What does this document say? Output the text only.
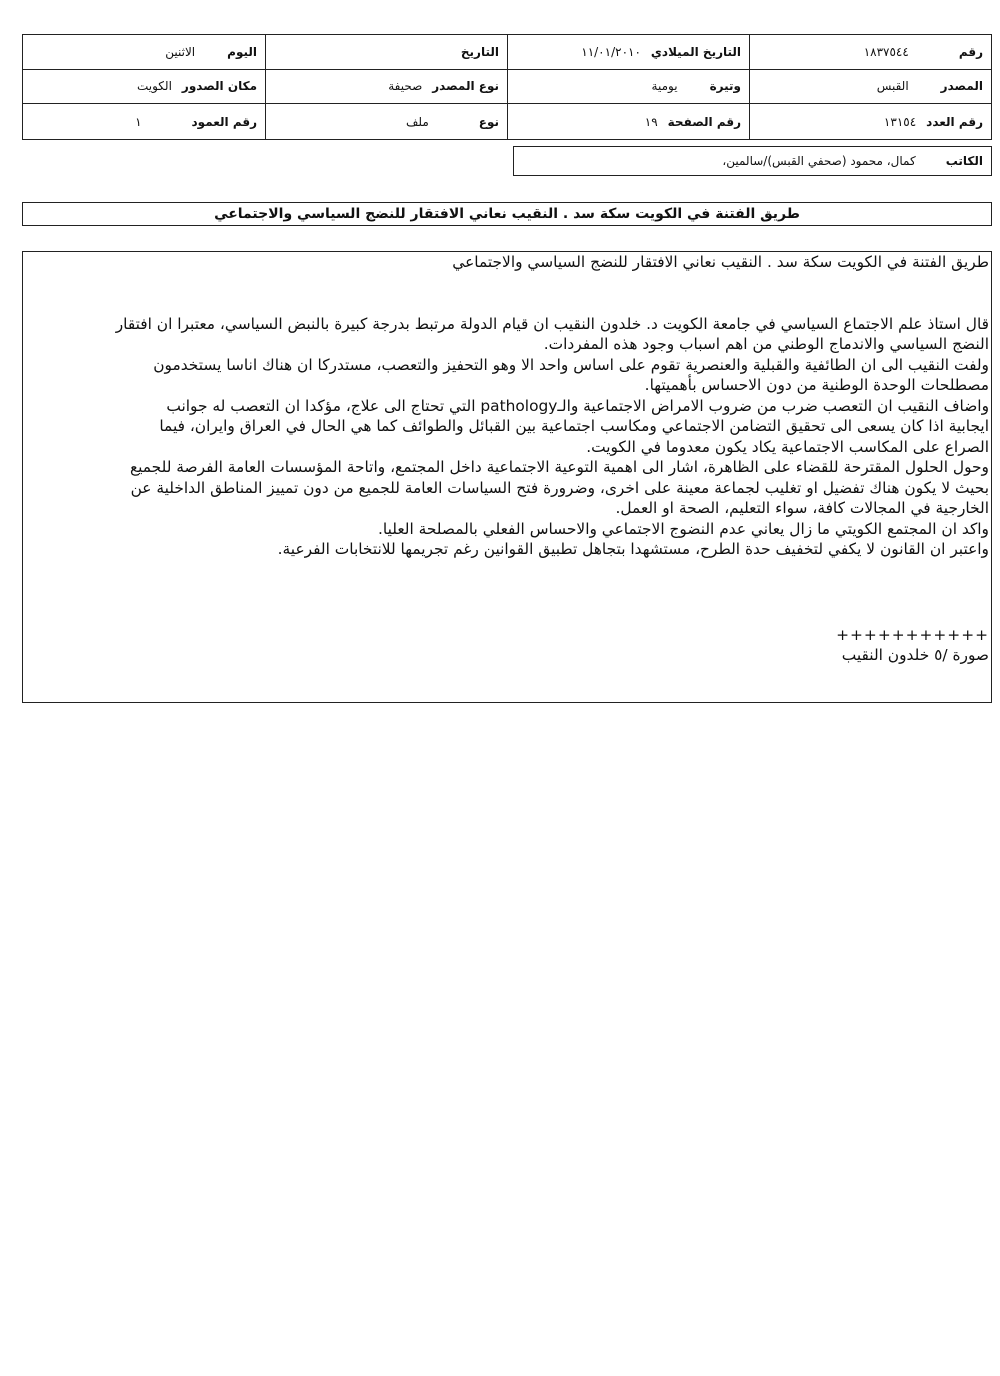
رقم
١٨٣٧٥٤٤
التاريخ الميلادي
١١/٠١/٢٠١٠
التاريخ
اليوم
الاثنين
المصدر
القبس
وتيرة
يومية
نوع المصدر
صحيفة
مكان الصدور
الكويت
رقم العدد
١٣١٥٤
رقم الصفحة
١٩
نوع
ملف
رقم العمود
١
الكاتب
كمال، محمود (صحفي القبس)/سالمين،
طريق الفتنة في الكويت سكة سد . النقيب نعاني الافتقار للنضج السياسي والاجتماعي

طريق الفتنة في الكويت سكة سد . النقيب نعاني الافتقار للنضج السياسي والاجتماعي

قال استاذ علم الاجتماع السياسي في جامعة الكويت د. خلدون النقيب ان قيام الدولة مرتبط بدرجة كبيرة بالنبض السياسي، معتبرا ان افتقار

النضج السياسي والاندماج الوطني من اهم اسباب وجود هذه المفردات.

ولفت النقيب الى ان الطائفية والقبلية والعنصرية تقوم على اساس واحد الا وهو التحفيز والتعصب، مستدركا ان هناك اناسا يستخدمون

مصطلحات الوحدة الوطنية من دون الاحساس بأهميتها.

واضاف النقيب ان التعصب ضرب من ضروب الامراض الاجتماعية والـpathology التي تحتاج الى علاج، مؤكدا ان التعصب له جوانب

ايجابية اذا كان يسعى الى تحقيق التضامن الاجتماعي ومكاسب اجتماعية بين القبائل والطوائف كما هي الحال في العراق وايران، فيما

الصراع على المكاسب الاجتماعية يكاد يكون معدوما في الكويت.

وحول الحلول المقترحة للقضاء على الظاهرة، اشار الى اهمية التوعية الاجتماعية داخل المجتمع، واتاحة المؤسسات العامة الفرصة للجميع

بحيث لا يكون هناك تفضيل او تغليب لجماعة معينة على اخرى، وضرورة فتح السياسات العامة للجميع من دون تمييز المناطق الداخلية عن

الخارجية في المجالات كافة، سواء التعليم، الصحة او العمل.

واكد ان المجتمع الكويتي ما زال يعاني عدم النضوج الاجتماعي والاحساس الفعلي بالمصلحة العليا.

واعتبر ان القانون لا يكفي لتخفيف حدة الطرح، مستشهدا بتجاهل تطبيق القوانين رغم تجريمها للانتخابات الفرعية.

+++++++++++

صورة /٥ خلدون النقيب
